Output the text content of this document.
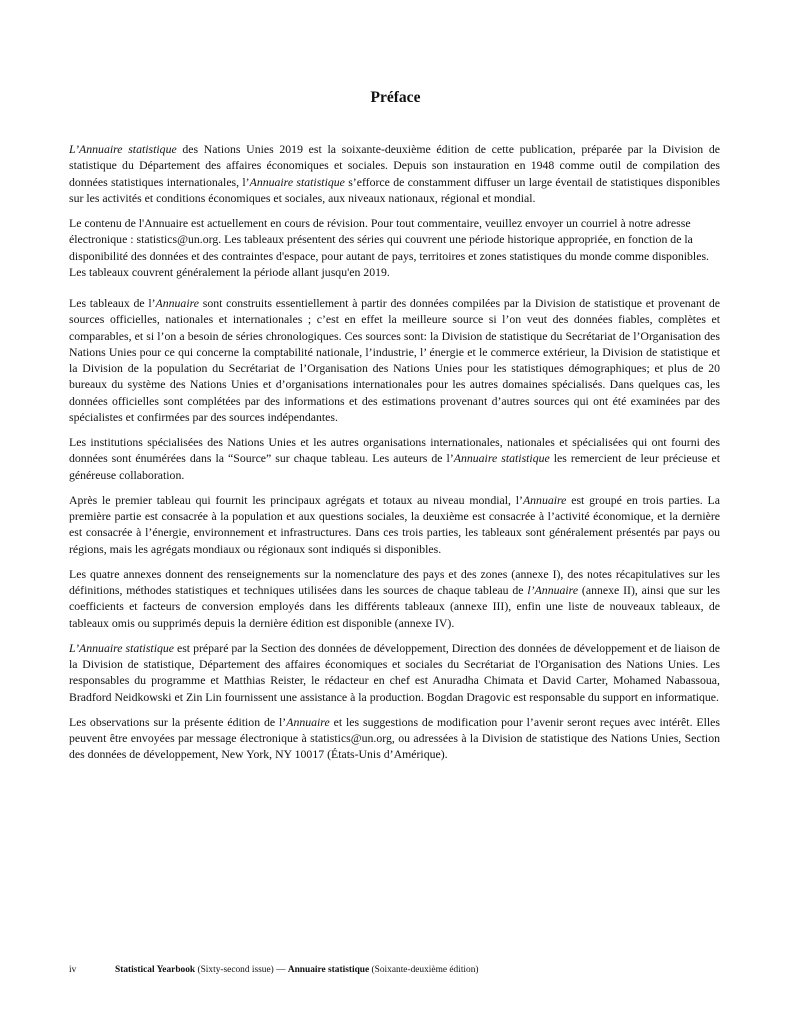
Préface

L’Annuaire statistique des Nations Unies 2019 est la soixante-deuxième édition de cette publication, préparée par la Division de statistique du Département des affaires économiques et sociales. Depuis son instauration en 1948 comme outil de compilation des données statistiques internationales, l’Annuaire statistique s’efforce de constamment diffuser un large éventail de statistiques disponibles sur les activités et conditions économiques et sociales, aux niveaux nationaux, régional et mondial.

Le contenu de l'Annuaire est actuellement en cours de révision. Pour tout commentaire, veuillez envoyer un courriel à notre adresse électronique : statistics@un.org. Les tableaux présentent des séries qui couvrent une période historique appropriée, en fonction de la disponibilité des données et des contraintes d'espace, pour autant de pays, territoires et zones statistiques du monde comme disponibles. Les tableaux couvrent généralement la période allant jusqu'en 2019.

Les tableaux de l’Annuaire sont construits essentiellement à partir des données compilées par la Division de statistique et provenant de sources officielles, nationales et internationales ; c’est en effet la meilleure source si l’on veut des données fiables, complètes et comparables, et si l’on a besoin de séries chronologiques. Ces sources sont: la Division de statistique du Secrétariat de l’Organisation des Nations Unies pour ce qui concerne la comptabilité nationale, l’industrie, l’ énergie et le commerce extérieur, la Division de statistique et la Division de la population du Secrétariat de l’Organisation des Nations Unies pour les statistiques démographiques; et plus de 20 bureaux du système des Nations Unies et d’organisations internationales pour les autres domaines spécialisés. Dans quelques cas, les données officielles sont complétées par des informations et des estimations provenant d’autres sources qui ont été examinées par des spécialistes et confirmées par des sources indépendantes.

Les institutions spécialisées des Nations Unies et les autres organisations internationales, nationales et spécialisées qui ont fourni des données sont énumérées dans la “Source” sur chaque tableau. Les auteurs de l’Annuaire statistique les remercient de leur précieuse et généreuse collaboration.

Après le premier tableau qui fournit les principaux agrégats et totaux au niveau mondial, l’Annuaire est groupé en trois parties. La première partie est consacrée à la population et aux questions sociales, la deuxième est consacrée à l’activité économique, et la dernière est consacrée à l’énergie, environnement et infrastructures. Dans ces trois parties, les tableaux sont généralement présentés par pays ou régions, mais les agrégats mondiaux ou régionaux sont indiqués si disponibles.

Les quatre annexes donnent des renseignements sur la nomenclature des pays et des zones (annexe I), des notes récapitulatives sur les définitions, méthodes statistiques et techniques utilisées dans les sources de chaque tableau de l’Annuaire (annexe II), ainsi que sur les coefficients et facteurs de conversion employés dans les différents tableaux (annexe III), enfin une liste de nouveaux tableaux, de tableaux omis ou supprimés depuis la dernière édition est disponible (annexe IV).

L’Annuaire statistique est préparé par la Section des données de développement, Direction des données de développement et de liaison de la Division de statistique, Département des affaires économiques et sociales du Secrétariat de l'Organisation des Nations Unies. Les responsables du programme et Matthias Reister, le rédacteur en chef est Anuradha Chimata et David Carter, Mohamed Nabassoua, Bradford Neidkowski et Zin Lin fournissent une assistance à la production. Bogdan Dragovic est responsable du support en informatique.

Les observations sur la présente édition de l’Annuaire et les suggestions de modification pour l’avenir seront reçues avec intérêt. Elles peuvent être envoyées par message électronique à statistics@un.org, ou adressées à la Division de statistique des Nations Unies, Section des données de développement, New York, NY 10017 (États-Unis d’Amérique).

iv	Statistical Yearbook (Sixty-second issue) — Annuaire statistique (Soixante-deuxième édition)
